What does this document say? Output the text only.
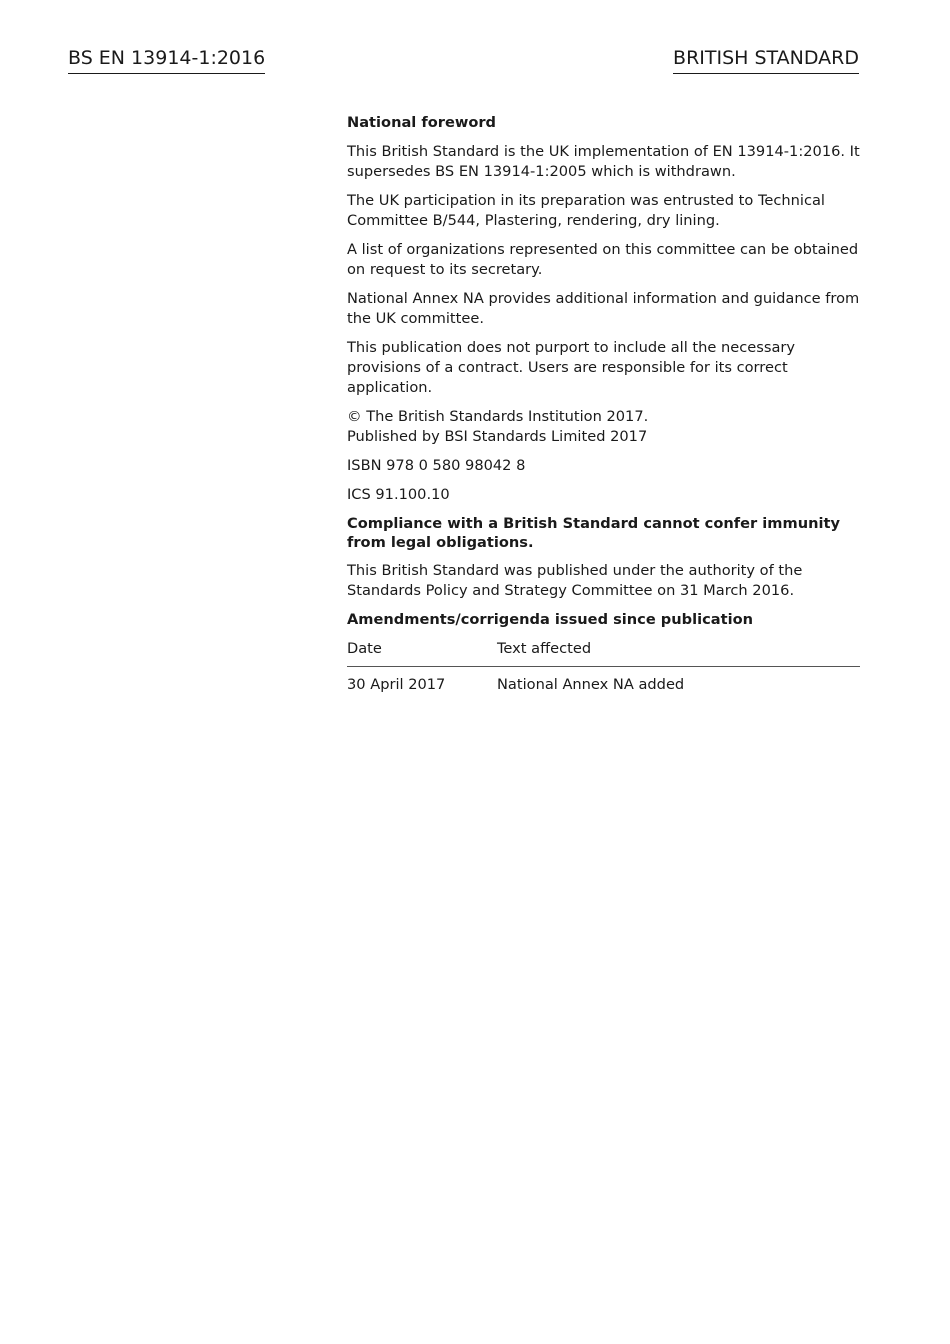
BS EN 13914-1:2016	BRITISH STANDARD

National foreword

This British Standard is the UK implementation of EN 13914-1:2016. It supersedes BS EN 13914-1:2005 which is withdrawn.

The UK participation in its preparation was entrusted to Technical Committee B/544, Plastering, rendering, dry lining.

A list of organizations represented on this committee can be obtained on request to its secretary.

National Annex NA provides additional information and guidance from the UK committee.

This publication does not purport to include all the necessary provisions of a contract. Users are responsible for its correct application.

© The British Standards Institution 2017.
Published by BSI Standards Limited 2017

ISBN 978 0 580 98042 8

ICS 91.100.10

Compliance with a British Standard cannot confer immunity from legal obligations.

This British Standard was published under the authority of the Standards Policy and Strategy Committee on 31 March 2016.

Amendments/corrigenda issued since publication

Date	Text affected
30 April 2017	National Annex NA added
